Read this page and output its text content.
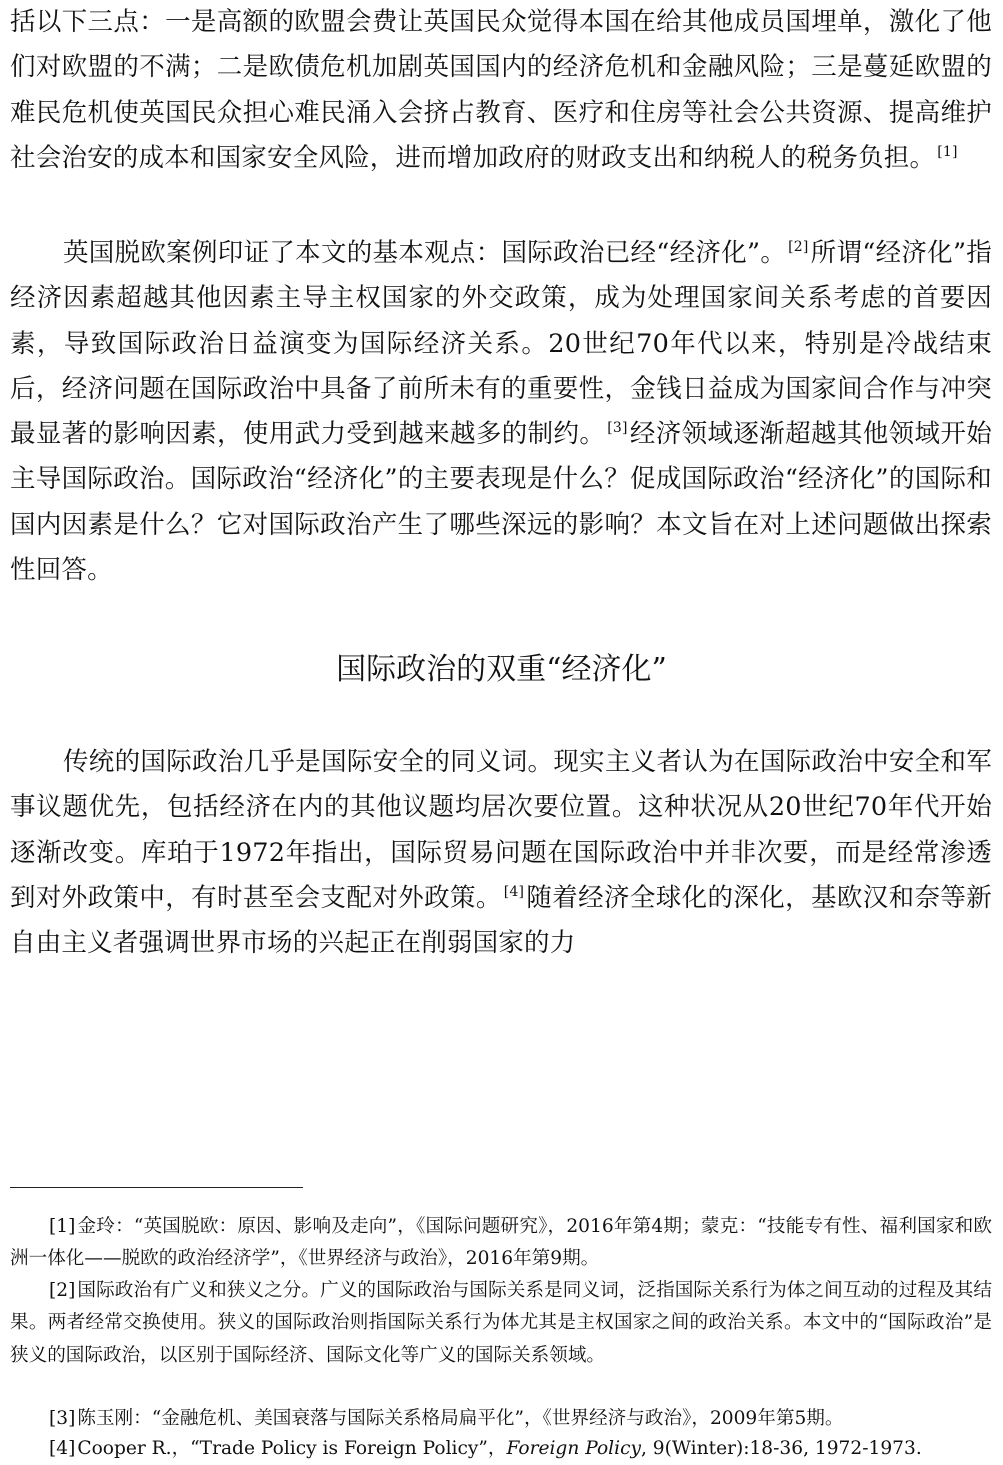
括以下三点：一是高额的欧盟会费让英国民众觉得本国在给其他成员国埋单，激化了他们对欧盟的不满；二是欧债危机加剧英国国内的经济危机和金融风险；三是蔓延欧盟的难民危机使英国民众担心难民涌入会挤占教育、医疗和住房等社会公共资源、提高维护社会治安的成本和国家安全风险，进而增加政府的财政支出和纳税人的税务负担。 [1]

英国脱欧案例印证了本文的基本观点：国际政治已经“经济化”。 [2]所谓“经济化”指经济因素超越其他因素主导主权国家的外交政策，成为处理国家间关系考虑的首要因素，导致国际政治日益演变为国际经济关系。20世纪70年代以来，特别是冷战结束后，经济问题在国际政治中具备了前所未有的重要性，金钱日益成为国家间合作与冲突最显著的影响因素，使用武力受到越来越多的制约。 [3]经济领域逐渐超越其他领域开始主导国际政治。国际政治“经济化”的主要表现是什么？促成国际政治“经济化”的国际和国内因素是什么？它对国际政治产生了哪些深远的影响？本文旨在对上述问题做出探索性回答。

国际政治的双重“经济化”

传统的国际政治几乎是国际安全的同义词。现实主义者认为在国际政治中安全和军事议题优先，包括经济在内的其他议题均居次要位置。这种状况从20世纪70年代开始逐渐改变。库珀于1972年指出，国际贸易问题在国际政治中并非次要，而是经常渗透到对外政策中，有时甚至会支配对外政策。 [4]随着经济全球化的深化，基欧汉和奈等新自由主义者强调世界市场的兴起正在削弱国家的力

[1] 金玲：“英国脱欧：原因、影响及走向”，《国际问题研究》，2016年第4期；蒙克：“技能专有性、福利国家和欧洲一体化——脱欧的政治经济学”，《世界经济与政治》，2016年第9期。

[2] 国际政治有广义和狭义之分。广义的国际政治与国际关系是同义词，泛指国际关系行为体之间互动的过程及其结果。两者经常交换使用。狭义的国际政治则指国际关系行为体尤其是主权国家之间的政治关系。本文中的“国际政治”是狭义的国际政治，以区别于国际经济、国际文化等广义的国际关系领域。

[3] 陈玉刚：“金融危机、美国衰落与国际关系格局扁平化”，《世界经济与政治》，2009年第5期。

[4] Cooper R.，“Trade Policy is Foreign Policy”，Foreign Policy, 9(Winter):18-36, 1972-1973.
